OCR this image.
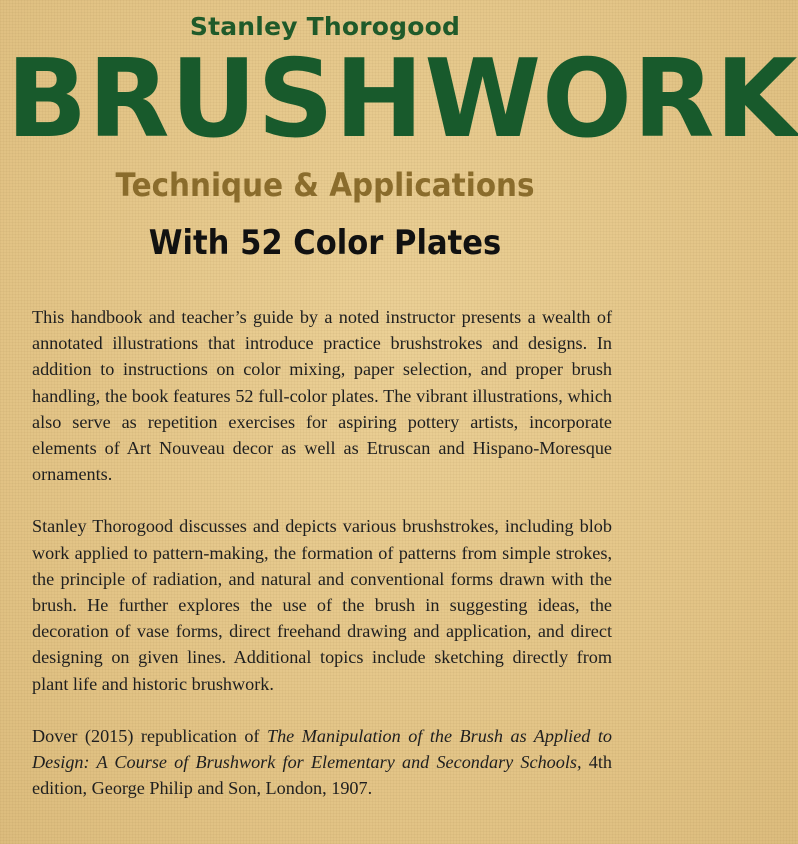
Stanley Thorogood
BRUSHWORK
Technique & Applications
With 52 Color Plates

This handbook and teacher’s guide by a noted instructor presents a wealth of annotated illustrations that introduce practice brushstrokes and designs. In addition to instructions on color mixing, paper selection, and proper brush handling, the book features 52 full-color plates. The vibrant illustrations, which also serve as repetition exercises for aspiring pottery artists, incorporate elements of Art Nouveau decor as well as Etruscan and Hispano-Moresque ornaments.

Stanley Thorogood discusses and depicts various brushstrokes, including blob work applied to pattern-making, the formation of patterns from simple strokes, the principle of radiation, and natural and conventional forms drawn with the brush. He further explores the use of the brush in suggesting ideas, the decoration of vase forms, direct freehand drawing and application, and direct designing on given lines. Additional topics include sketching directly from plant life and historic brushwork.

Dover (2015) republication of The Manipulation of the Brush as Applied to Design: A Course of Brushwork for Elementary and Secondary Schools, 4th edition, George Philip and Son, London, 1907.
